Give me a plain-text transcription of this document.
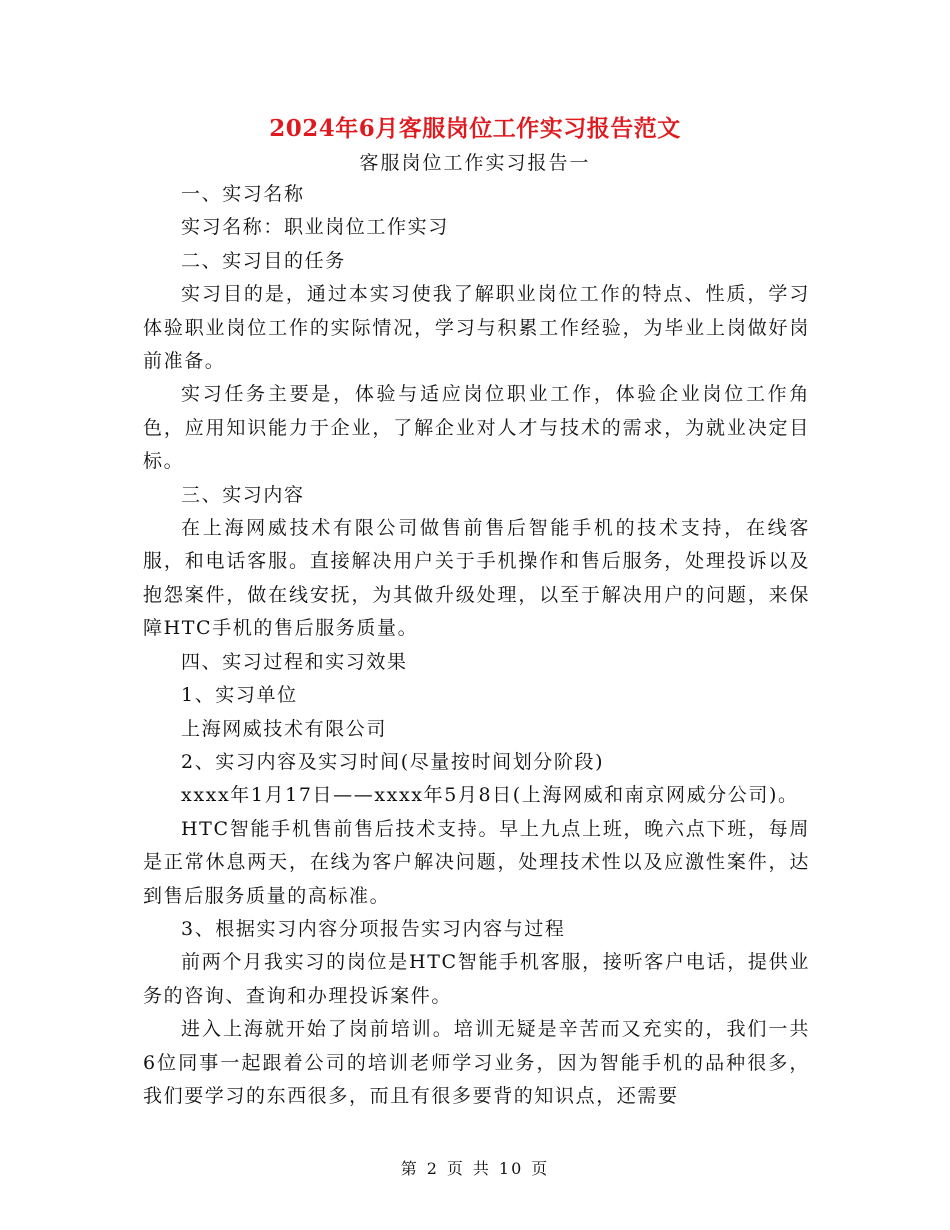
2024年6月客服岗位工作实习报告范文
客服岗位工作实习报告一

一、实习名称

实习名称：职业岗位工作实习

二、实习目的任务

实习目的是，通过本实习使我了解职业岗位工作的特点、性质，学习体验职业岗位工作的实际情况，学习与积累工作经验，为毕业上岗做好岗前准备。

实习任务主要是，体验与适应岗位职业工作，体验企业岗位工作角色，应用知识能力于企业，了解企业对人才与技术的需求，为就业决定目标。

三、实习内容

在上海网威技术有限公司做售前售后智能手机的技术支持，在线客服，和电话客服。直接解决用户关于手机操作和售后服务，处理投诉以及抱怨案件，做在线安抚，为其做升级处理，以至于解决用户的问题，来保障HTC手机的售后服务质量。

四、实习过程和实习效果

1、实习单位

上海网威技术有限公司

2、实习内容及实习时间(尽量按时间划分阶段)

xxxx年1月17日——xxxx年5月8日(上海网威和南京网威分公司)。

HTC智能手机售前售后技术支持。早上九点上班，晚六点下班，每周是正常休息两天，在线为客户解决问题，处理技术性以及应激性案件，达到售后服务质量的高标准。

3、根据实习内容分项报告实习内容与过程

前两个月我实习的岗位是HTC智能手机客服，接听客户电话，提供业务的咨询、查询和办理投诉案件。

进入上海就开始了岗前培训。培训无疑是辛苦而又充实的，我们一共6位同事一起跟着公司的培训老师学习业务，因为智能手机的品种很多，我们要学习的东西很多，而且有很多要背的知识点，还需要

第 2 页 共 10 页
